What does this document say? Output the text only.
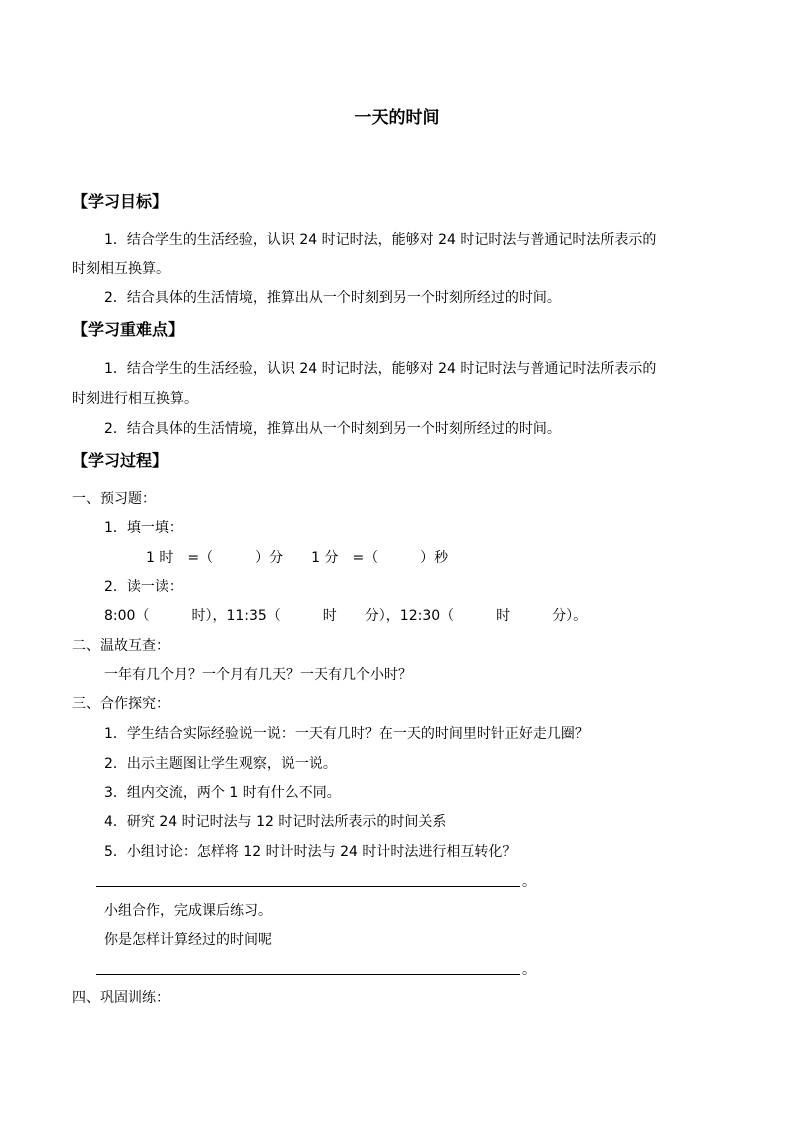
一天的时间
【学习目标】
1．结合学生的生活经验，认识 24 时记时法，能够对 24 时记时法与普通记时法所表示的
时刻相互换算。
2．结合具体的生活情境，推算出从一个时刻到另一个时刻所经过的时间。
【学习重难点】
1．结合学生的生活经验，认识 24 时记时法，能够对 24 时记时法与普通记时法所表示的
时刻进行相互换算。
2．结合具体的生活情境，推算出从一个时刻到另一个时刻所经过的时间。
【学习过程】
一、预习题：
1．填一填：
1 时　=（　　　）分　　1 分　=（　　　）秒
2．读一读：
8:00（　　　时），11:35（　　　时　　分），12:30（　　　时　　　分）。
二、温故互查：
一年有几个月？一个月有几天？一天有几个小时？
三、合作探究：
1．学生结合实际经验说一说：一天有几时？在一天的时间里时针正好走几圈？
2．出示主题图让学生观察，说一说。
3．组内交流，两个 1 时有什么不同。
4．研究 24 时记时法与 12 时记时法所表示的时间关系
5．小组讨论：怎样将 12 时计时法与 24 时计时法进行相互转化？
。
小组合作，完成课后练习。
你是怎样计算经过的时间呢
。
四、巩固训练：
